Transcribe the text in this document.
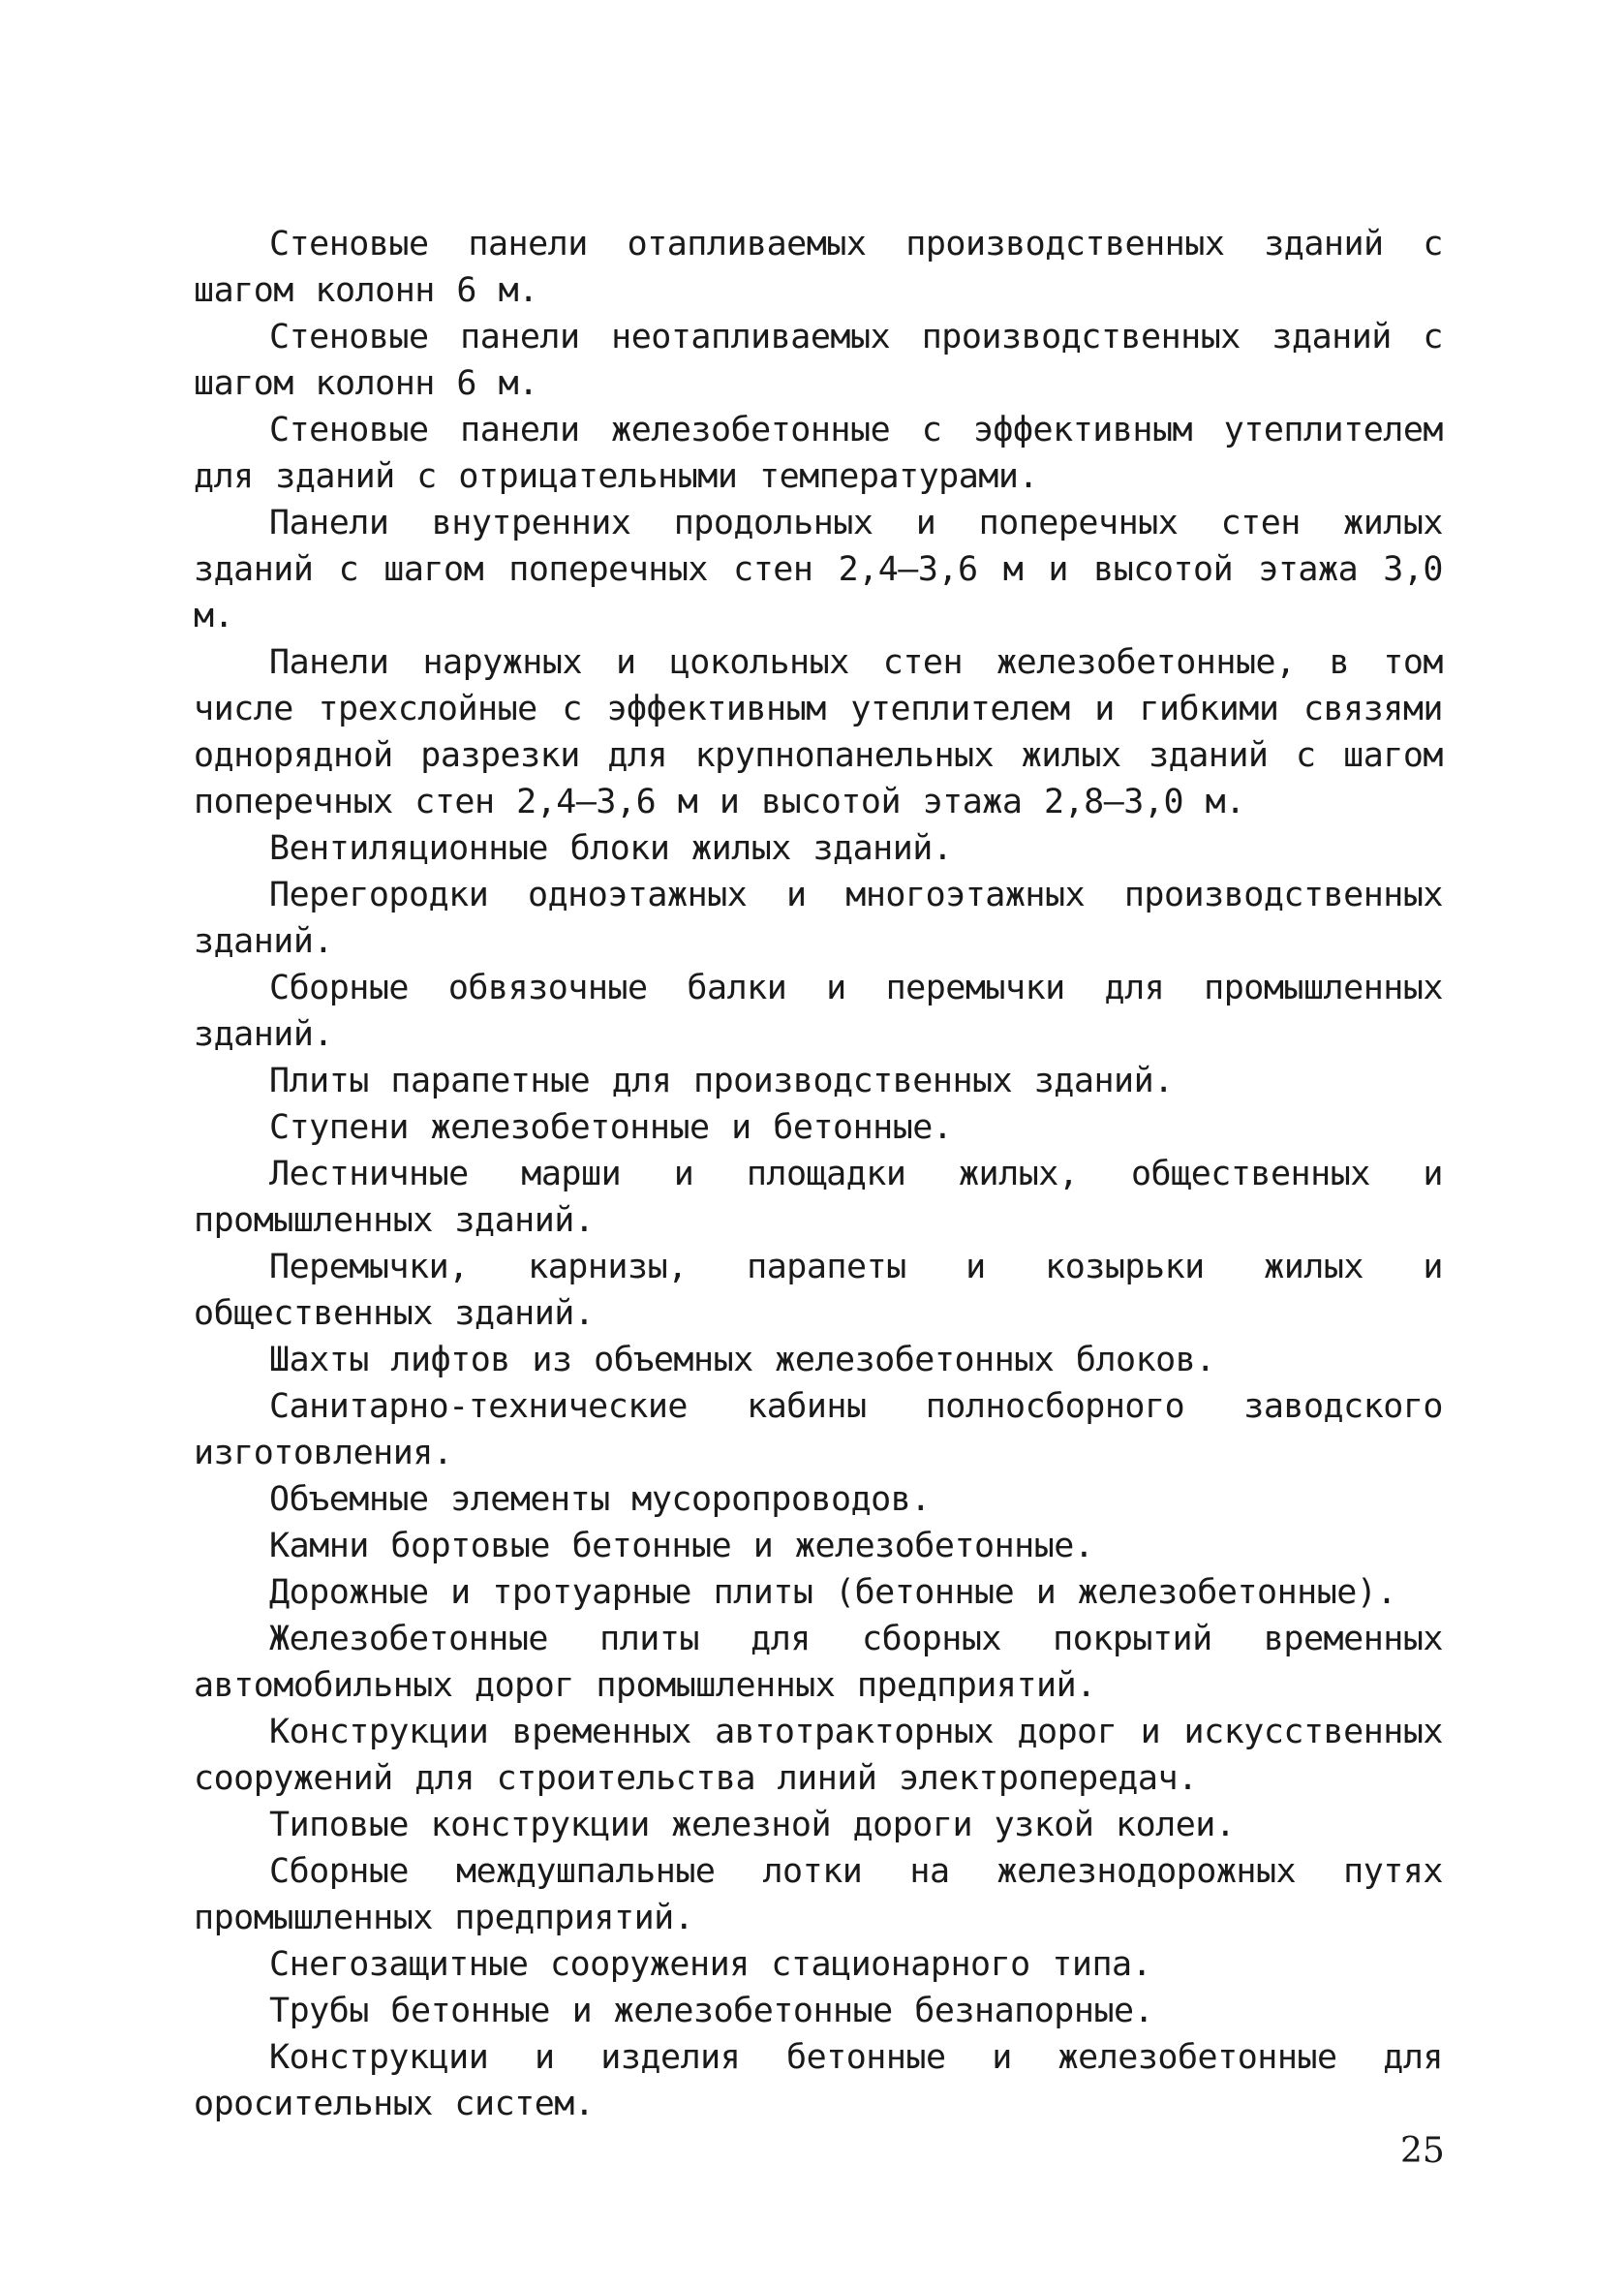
Стеновые панели отапливаемых производственных зданий с шагом колонн 6 м.

Стеновые панели неотапливаемых производственных зданий с шагом колонн 6 м.

Стеновые панели железобетонные с эффективным утеплителем для зданий с отрицательными температурами.

Панели внутренних продольных и поперечных стен жилых зданий с шагом поперечных стен 2,4–3,6 м и высотой этажа 3,0 м.

Панели наружных и цокольных стен железобетонные, в том числе трехслойные с эффективным утеплителем и гибкими связями однорядной разрезки для крупнопанельных жилых зданий с шагом поперечных стен 2,4–3,6 м и высотой этажа 2,8–3,0 м.

Вентиляционные блоки жилых зданий.

Перегородки одноэтажных и многоэтажных производственных зданий.

Сборные обвязочные балки и перемычки для промышленных зданий.

Плиты парапетные для производственных зданий.

Ступени железобетонные и бетонные.

Лестничные марши и площадки жилых, общественных и промышленных зданий.

Перемычки, карнизы, парапеты и козырьки жилых и общественных зданий.

Шахты лифтов из объемных железобетонных блоков.

Санитарно-технические кабины полносборного заводского изготовления.

Объемные элементы мусоропроводов.

Камни бортовые бетонные и железобетонные.

Дорожные и тротуарные плиты (бетонные и железобетонные).

Железобетонные плиты для сборных покрытий временных автомобильных дорог промышленных предприятий.

Конструкции временных автотракторных дорог и искусственных сооружений для строительства линий электропередач.

Типовые конструкции железной дороги узкой колеи.

Сборные междушпальные лотки на железнодорожных путях промышленных предприятий.

Снегозащитные сооружения стационарного типа.

Трубы бетонные и железобетонные безнапорные.

Конструкции и изделия бетонные и железобетонные для оросительных систем.

25
